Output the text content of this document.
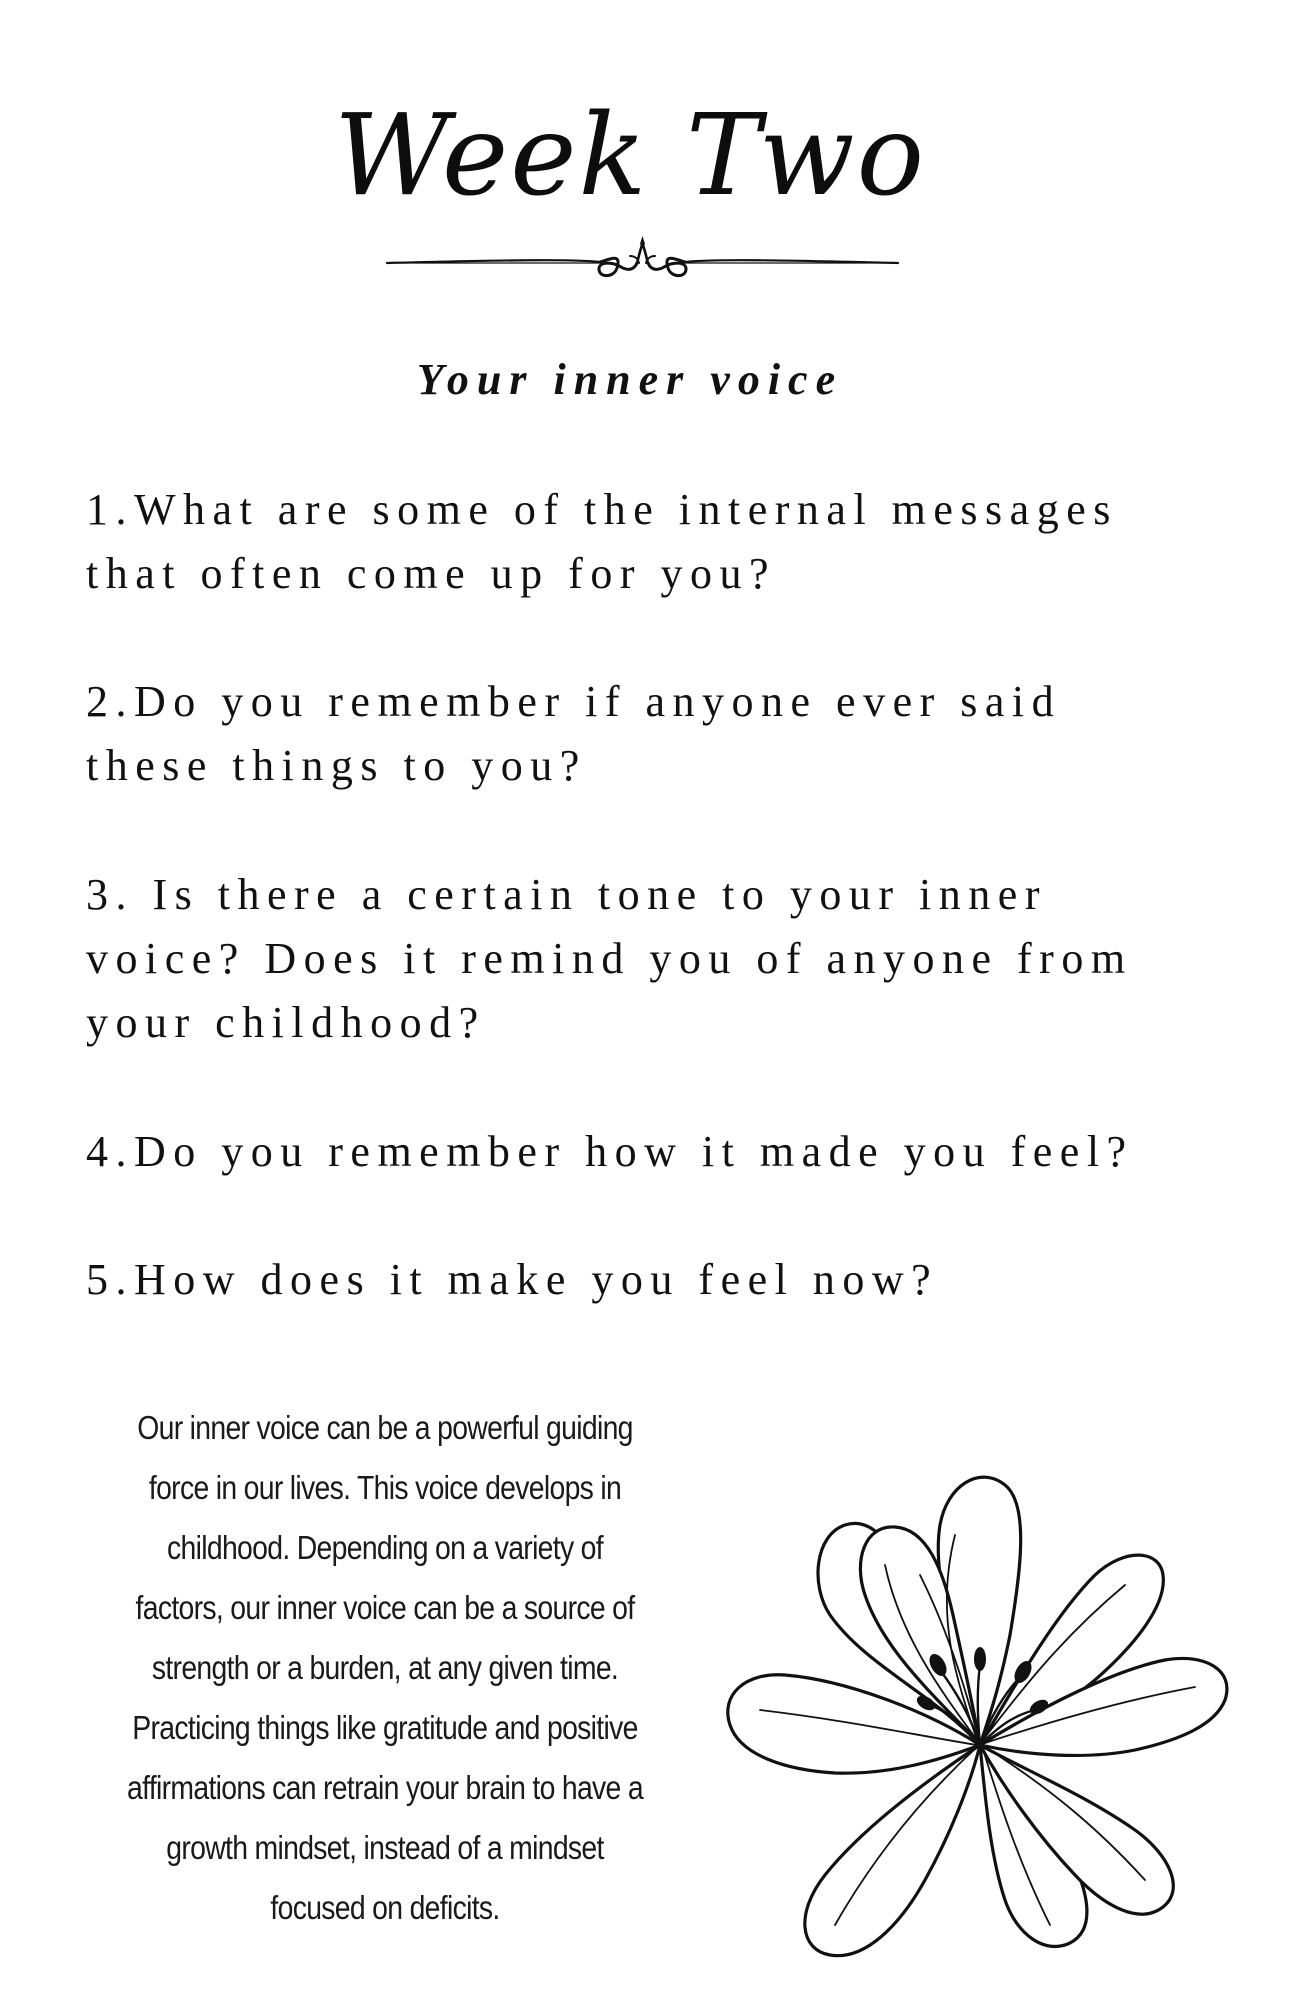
Week Two
Your inner voice
1.What are some of the internal messages
that often come up for you?
2.Do you remember if anyone ever said
these things to you?
3. Is there a certain tone to your inner
voice? Does it remind you of anyone from
your childhood?
4.Do you remember how it made you feel?
5.How does it make you feel now?

Our inner voice can be a powerful guiding force in our lives. This voice develops in childhood. Depending on a variety of factors, our inner voice can be a source of strength or a burden, at any given time. Practicing things like gratitude and positive affirmations can retrain your brain to have a growth mindset, instead of a mindset focused on deficits.
